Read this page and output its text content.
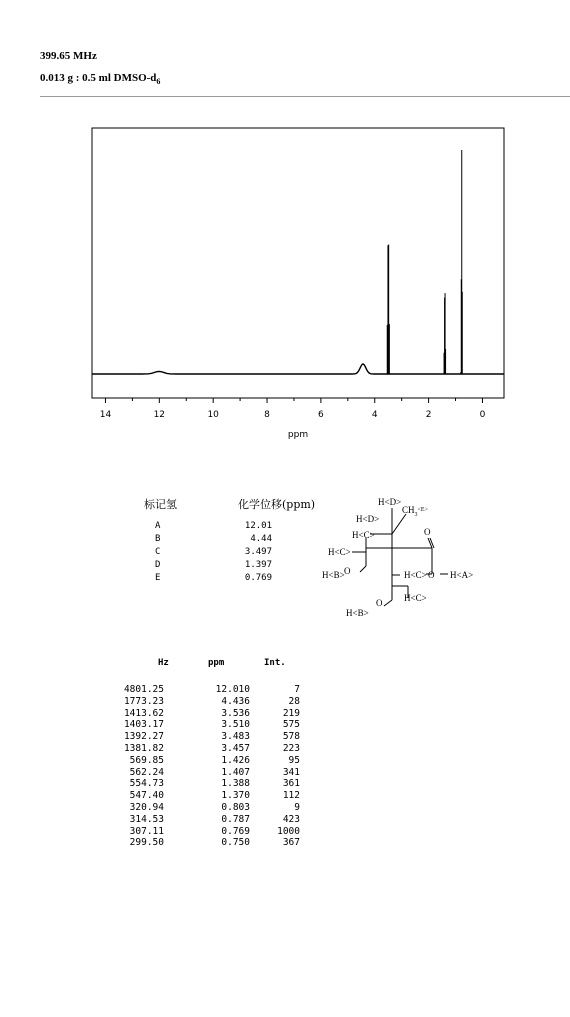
399.65 MHz
0.013 g : 0.5 ml DMSO-$d_6$
14	12	10	8	6	4	2	0
ppm
标记氢	化学位移(ppm)
A	12.01
B	4.44
C	3.497
D	1.397
E	0.769
H<D>
$CH_3^{<E>}$
H<D>
H<C>
H<C>
H<B> O
O
H<C> O H<A>
O
H<B>
H<C>
Hz	ppm	Int.
4801.25	12.010	7
1773.23	4.436	28
1413.62	3.536	219
1403.17	3.510	575
1392.27	3.483	578
1381.82	3.457	223
569.85	1.426	95
562.24	1.407	341
554.73	1.388	361
547.40	1.370	112
320.94	0.803	9
314.53	0.787	423
307.11	0.769	1000
299.50	0.750	367
